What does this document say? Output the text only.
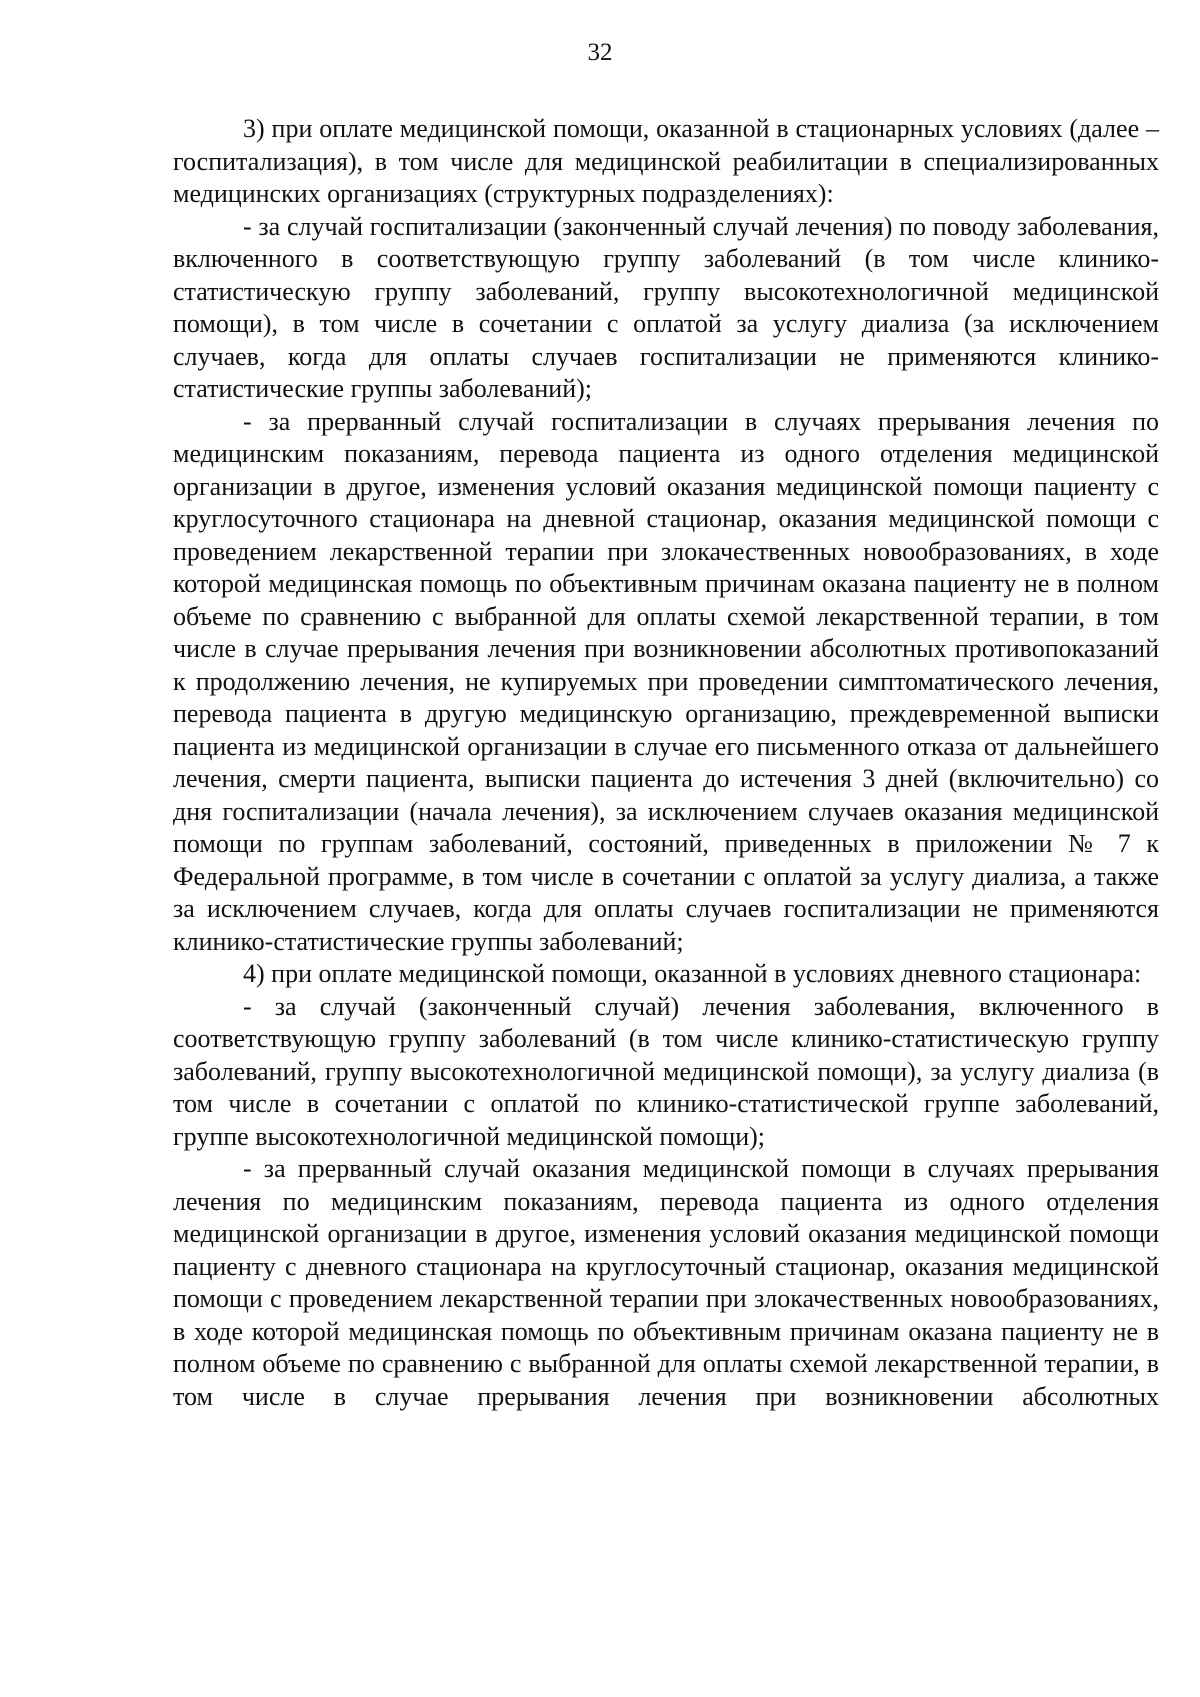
32

3) при оплате медицинской помощи, оказанной в стационарных условиях (далее – госпитализация), в том числе для медицинской реабилитации в специализированных медицинских организациях (структурных подразделениях):

- за случай госпитализации (законченный случай лечения) по поводу заболевания, включенного в соответствующую группу заболеваний (в том числе клинико-статистическую группу заболеваний, группу высокотехнологичной медицинской помощи), в том числе в сочетании с оплатой за услугу диализа (за исключением случаев, когда для оплаты случаев госпитализации не применяются клинико-статистические группы заболеваний);

- за прерванный случай госпитализации в случаях прерывания лечения по медицинским показаниям, перевода пациента из одного отделения медицинской организации в другое, изменения условий оказания медицинской помощи пациенту с круглосуточного стационара на дневной стационар, оказания медицинской помощи с проведением лекарственной терапии при злокачественных новообразованиях, в ходе которой медицинская помощь по объективным причинам оказана пациенту не в полном объеме по сравнению с выбранной для оплаты схемой лекарственной терапии, в том числе в случае прерывания лечения при возникновении абсолютных противопоказаний к продолжению лечения, не купируемых при проведении симптоматического лечения, перевода пациента в другую медицинскую организацию, преждевременной выписки пациента из медицинской организации в случае его письменного отказа от дальнейшего лечения, смерти пациента, выписки пациента до истечения 3 дней (включительно) со дня госпитализации (начала лечения), за исключением случаев оказания медицинской помощи по группам заболеваний, состояний, приведенных в приложении № 7 к Федеральной программе, в том числе в сочетании с оплатой за услугу диализа, а также за исключением случаев, когда для оплаты случаев госпитализации не применяются клинико-статистические группы заболеваний;

4) при оплате медицинской помощи, оказанной в условиях дневного стационара:

- за случай (законченный случай) лечения заболевания, включенного в соответствующую группу заболеваний (в том числе клинико-статистическую группу заболеваний, группу высокотехнологичной медицинской помощи), за услугу диализа (в том числе в сочетании с оплатой по клинико-статистической группе заболеваний, группе высокотехнологичной медицинской помощи);

- за прерванный случай оказания медицинской помощи в случаях прерывания лечения по медицинским показаниям, перевода пациента из одного отделения медицинской организации в другое, изменения условий оказания медицинской помощи пациенту с дневного стационара на круглосуточный стационар, оказания медицинской помощи с проведением лекарственной терапии при злокачественных новообразованиях, в ходе которой медицинская помощь по объективным причинам оказана пациенту не в полном объеме по сравнению с выбранной для оплаты схемой лекарственной терапии, в том числе в случае прерывания лечения при возникновении абсолютных
